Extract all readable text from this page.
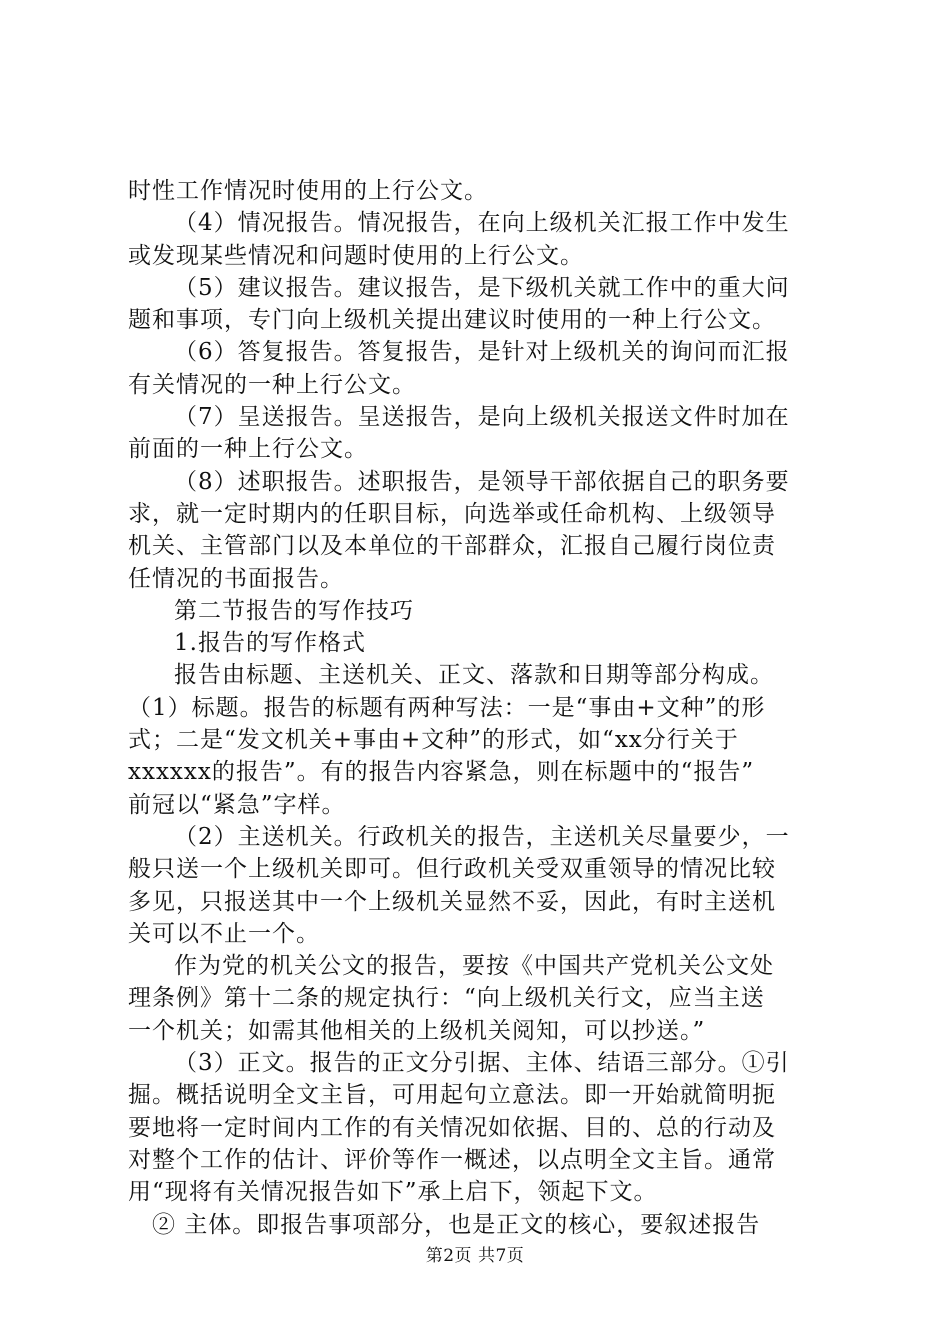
时性工作情况时使用的上行公文。
（4）情况报告。情况报告，在向上级机关汇报工作中发生
或发现某些情况和问题时使用的上行公文。
（5）建议报告。建议报告，是下级机关就工作中的重大问
题和事项，专门向上级机关提出建议时使用的一种上行公文。
（6）答复报告。答复报告，是针对上级机关的询问而汇报
有关情况的一种上行公文。
（7）呈送报告。呈送报告，是向上级机关报送文件时加在
前面的一种上行公文。
（8）述职报告。述职报告，是领导干部依据自己的职务要
求，就一定时期内的任职目标，向选举或任命机构、上级领导
机关、主管部门以及本单位的干部群众，汇报自己履行岗位责
任情况的书面报告。
第二节报告的写作技巧
1.报告的写作格式
报告由标题、主送机关、正文、落款和日期等部分构成。
（1）标题。报告的标题有两种写法：一是“事由+文种”的形
式；二是“发文机关+事由+文种”的形式，如“xx分行关于
xxxxxx的报告”。有的报告内容紧急，则在标题中的“报告”
前冠以“紧急”字样。
（2）主送机关。行政机关的报告，主送机关尽量要少，一
般只送一个上级机关即可。但行政机关受双重领导的情况比较
多见，只报送其中一个上级机关显然不妥，因此，有时主送机
关可以不止一个。
作为党的机关公文的报告，要按《中国共产党机关公文处
理条例》第十二条的规定执行：“向上级机关行文，应当主送
一个机关；如需其他相关的上级机关阅知，可以抄送。”
（3）正文。报告的正文分引据、主体、结语三部分。①引
掘。概括说明全文主旨，可用起句立意法。即一开始就简明扼
要地将一定时间内工作的有关情况如依据、目的、总的行动及
对整个工作的估计、评价等作一概述，以点明全文主旨。通常
用“现将有关情况报告如下”承上启下，领起下文。
② 主体。即报告事项部分，也是正文的核心，要叙述报告
第2页 共7页
